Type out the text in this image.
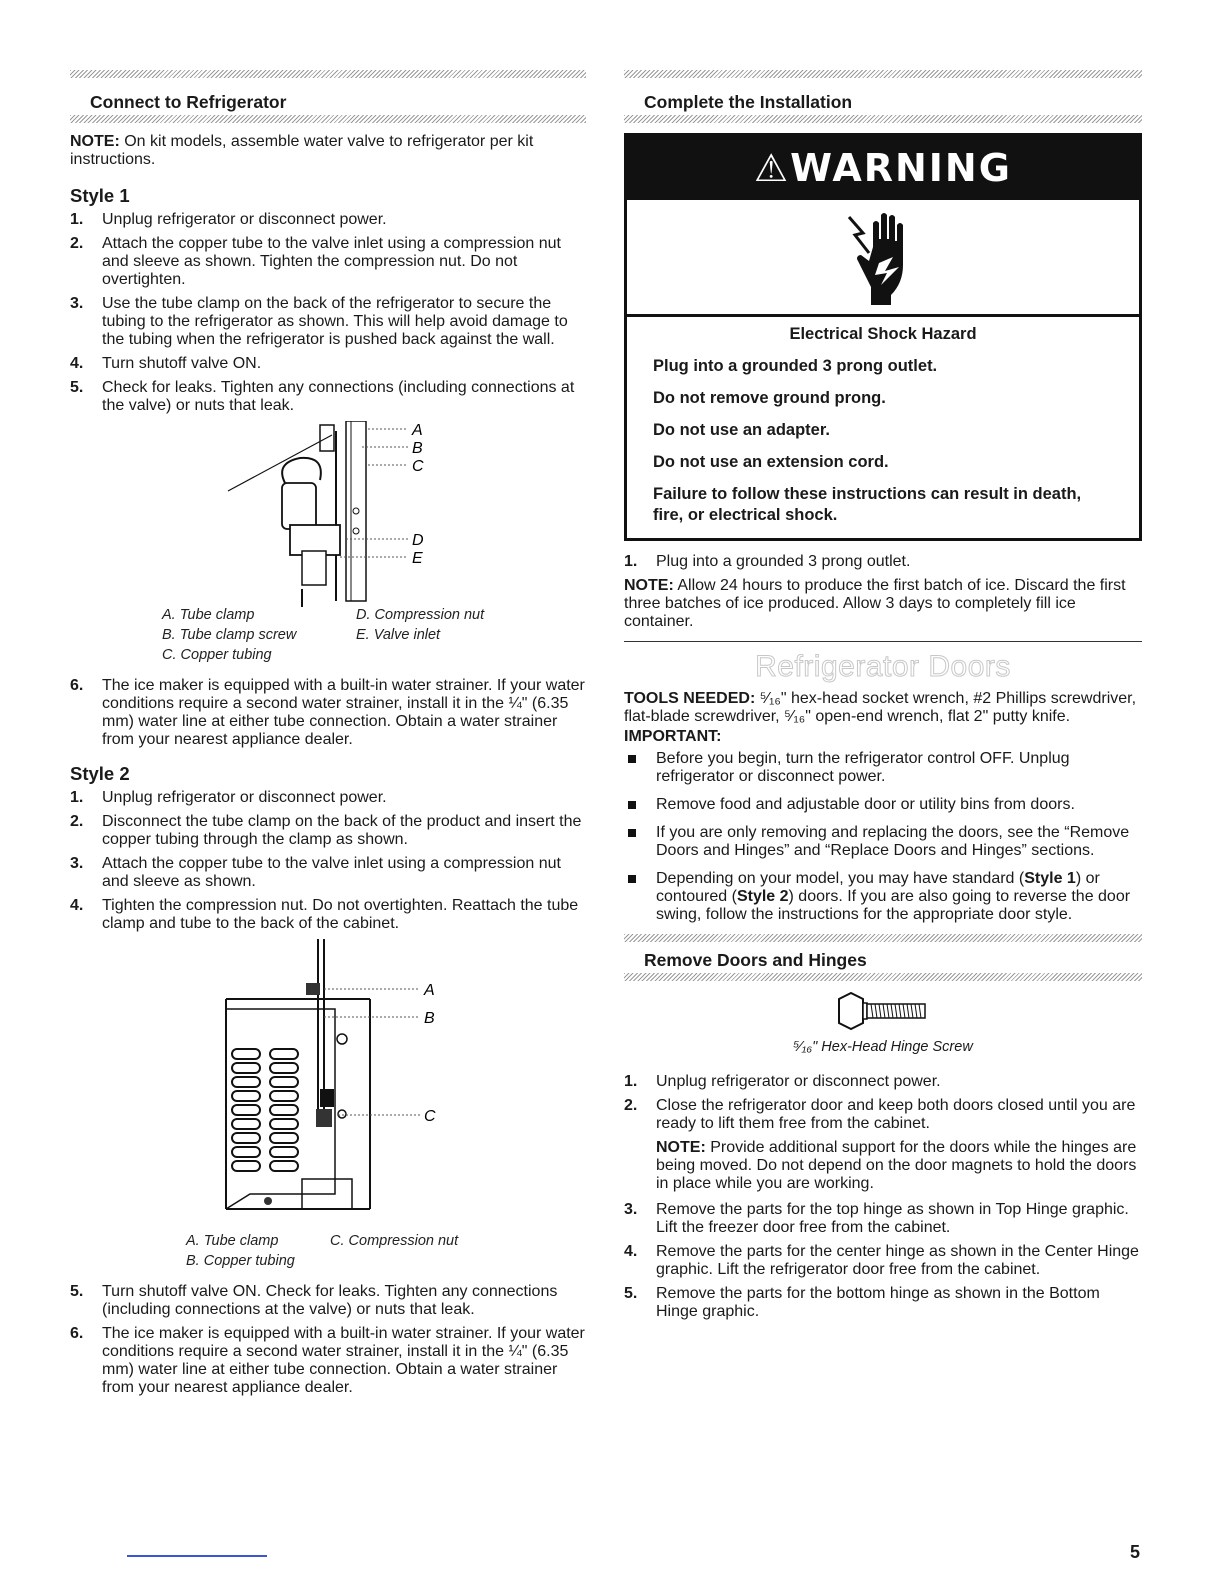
Connect to Refrigerator

NOTE: On kit models, assemble water valve to refrigerator per kit instructions.

Style 1
1. Unplug refrigerator or disconnect power.
2. Attach the copper tube to the valve inlet using a compression nut and sleeve as shown. Tighten the compression nut. Do not overtighten.
3. Use the tube clamp on the back of the refrigerator to secure the tubing to the refrigerator as shown. This will help avoid damage to the tubing when the refrigerator is pushed back against the wall.
4. Turn shutoff valve ON.
5. Check for leaks. Tighten any connections (including connections at the valve) or nuts that leak.
A
B
C
D
E
A. Tube clamp	D. Compression nut
B. Tube clamp screw	E. Valve inlet
C. Copper tubing
6. The ice maker is equipped with a built-in water strainer. If your water conditions require a second water strainer, install it in the ¼" (6.35 mm) water line at either tube connection. Obtain a water strainer from your nearest appliance dealer.
Style 2
1. Unplug refrigerator or disconnect power.
2. Disconnect the tube clamp on the back of the product and insert the copper tubing through the clamp as shown.
3. Attach the copper tube to the valve inlet using a compression nut and sleeve as shown.
4. Tighten the compression nut. Do not overtighten. Reattach the tube clamp and tube to the back of the cabinet.
A
B
C
A. Tube clamp	C. Compression nut
B. Copper tubing
5. Turn shutoff valve ON. Check for leaks. Tighten any connections (including connections at the valve) or nuts that leak.
6. The ice maker is equipped with a built-in water strainer. If your water conditions require a second water strainer, install it in the ¼" (6.35 mm) water line at either tube connection. Obtain a water strainer from your nearest appliance dealer.
Complete the Installation
⚠WARNING
Electrical Shock Hazard
Plug into a grounded 3 prong outlet.
Do not remove ground prong.
Do not use an adapter.
Do not use an extension cord.
Failure to follow these instructions can result in death, fire, or electrical shock.
1. Plug into a grounded 3 prong outlet.

NOTE: Allow 24 hours to produce the first batch of ice. Discard the first three batches of ice produced. Allow 3 days to completely fill ice container.

Refrigerator Doors

TOOLS NEEDED: ⁵⁄₁₆" hex-head socket wrench, #2 Phillips screwdriver, flat-blade screwdriver, ⁵⁄₁₆" open-end wrench, flat 2" putty knife.

IMPORTANT:

Before you begin, turn the refrigerator control OFF. Unplug refrigerator or disconnect power.
Remove food and adjustable door or utility bins from doors.
If you are only removing and replacing the doors, see the “Remove Doors and Hinges” and “Replace Doors and Hinges” sections.
Depending on your model, you may have standard (Style 1) or contoured (Style 2) doors. If you are also going to reverse the door swing, follow the instructions for the appropriate door style.
Remove Doors and Hinges
⁵⁄₁₆" Hex-Head Hinge Screw
1. Unplug refrigerator or disconnect power.
2. Close the refrigerator door and keep both doors closed until you are ready to lift them free from the cabinet.
NOTE: Provide additional support for the doors while the hinges are being moved. Do not depend on the door magnets to hold the doors in place while you are working.
3. Remove the parts for the top hinge as shown in Top Hinge graphic. Lift the freezer door free from the cabinet.
4. Remove the parts for the center hinge as shown in the Center Hinge graphic. Lift the refrigerator door free from the cabinet.
5. Remove the parts for the bottom hinge as shown in the Bottom Hinge graphic.
5
